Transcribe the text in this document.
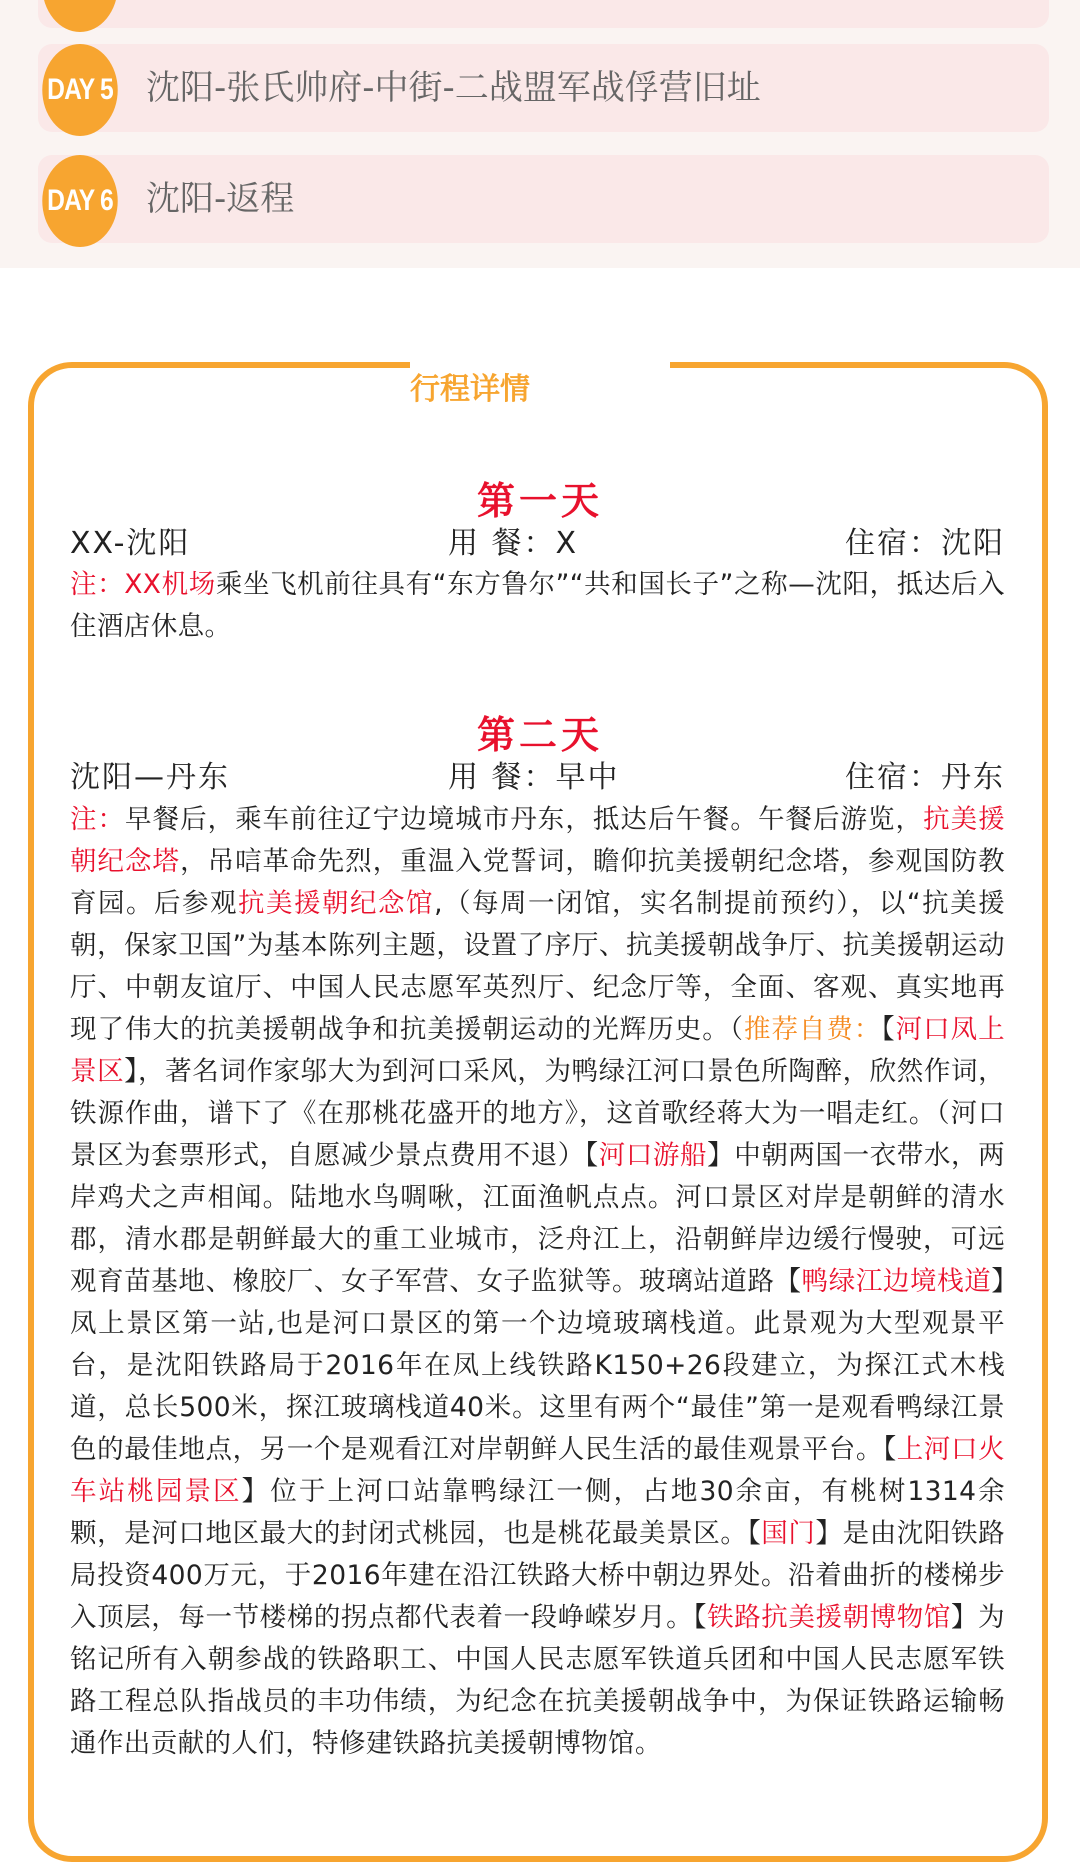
DAY 5 沈阳-张氏帅府-中街-二战盟军战俘营旧址
DAY 6 沈阳-返程
行程详情
第一天
XX-沈阳	用 餐：X	住宿：沈阳
注：XX机场乘坐飞机前往具有“东方鲁尔”“共和国长子”之称—沈阳，抵达后入住酒店休息。
第二天
沈阳—丹东	用 餐：早中	住宿：丹东
注：早餐后，乘车前往辽宁边境城市丹东，抵达后午餐。午餐后游览，抗美援朝纪念塔，吊唁革命先烈，重温入党誓词，瞻仰抗美援朝纪念塔，参观国防教育园。后参观抗美援朝纪念馆,（每周一闭馆，实名制提前预约），以“抗美援朝，保家卫国”为基本陈列主题，设置了序厅、抗美援朝战争厅、抗美援朝运动厅、中朝友谊厅、中国人民志愿军英烈厅、纪念厅等，全面、客观、真实地再现了伟大的抗美援朝战争和抗美援朝运动的光辉历史。（推荐自费：【河口凤上景区】，著名词作家邬大为到河口采风，为鸭绿江河口景色所陶醉，欣然作词，铁源作曲，谱下了《在那桃花盛开的地方》，这首歌经蒋大为一唱走红。（河口景区为套票形式，自愿减少景点费用不退）【河口游船】中朝两国一衣带水，两岸鸡犬之声相闻。陆地水鸟啁啾，江面渔帆点点。河口景区对岸是朝鲜的清水郡，清水郡是朝鲜最大的重工业城市，泛舟江上，沿朝鲜岸边缓行慢驶，可远观育苗基地、橡胶厂、女子军营、女子监狱等。玻璃站道路【鸭绿江边境栈道】凤上景区第一站,也是河口景区的第一个边境玻璃栈道。此景观为大型观景平台，是沈阳铁路局于2016年在凤上线铁路K150+26段建立，为探江式木栈道，总长500米，探江玻璃栈道40米。这里有两个“最佳”第一是观看鸭绿江景色的最佳地点，另一个是观看江对岸朝鲜人民生活的最佳观景平台。【上河口火车站桃园景区】位于上河口站靠鸭绿江一侧，占地30余亩，有桃树1314余颗，是河口地区最大的封闭式桃园，也是桃花最美景区。【国门】是由沈阳铁路局投资400万元，于2016年建在沿江铁路大桥中朝边界处。沿着曲折的楼梯步入顶层，每一节楼梯的拐点都代表着一段峥嵘岁月。【铁路抗美援朝博物馆】为铭记所有入朝参战的铁路职工、中国人民志愿军铁道兵团和中国人民志愿军铁路工程总队指战员的丰功伟绩，为纪念在抗美援朝战争中，为保证铁路运输畅通作出贡献的人们，特修建铁路抗美援朝博物馆。
